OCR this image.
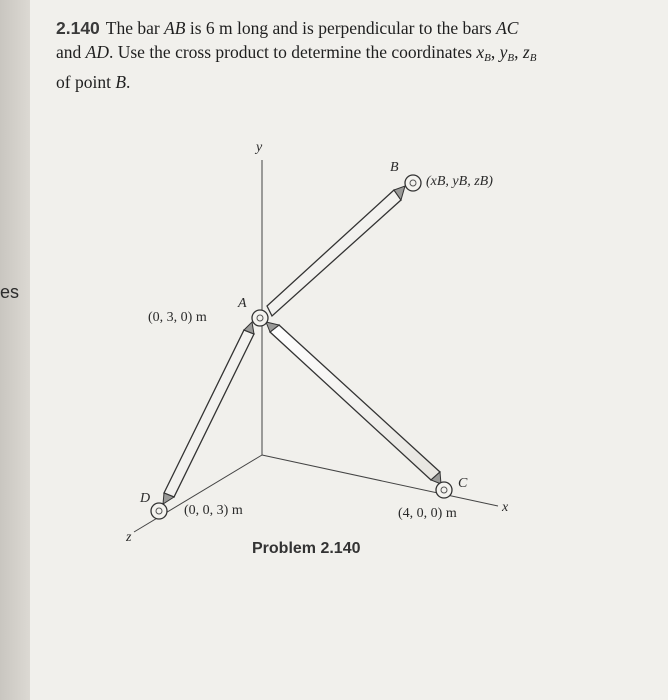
es
2.140 The bar AB is 6 m long and is perpendicular to the bars AC
and AD. Use the cross product to determine the coordinates $x_B$, $y_B$, $z_B$
of point B.
y
x
z
A
B
C
D
(0, 3, 0) m
(xB, yB, zB)
(4, 0, 0) m
(0, 0, 3) m
Problem 2.140
